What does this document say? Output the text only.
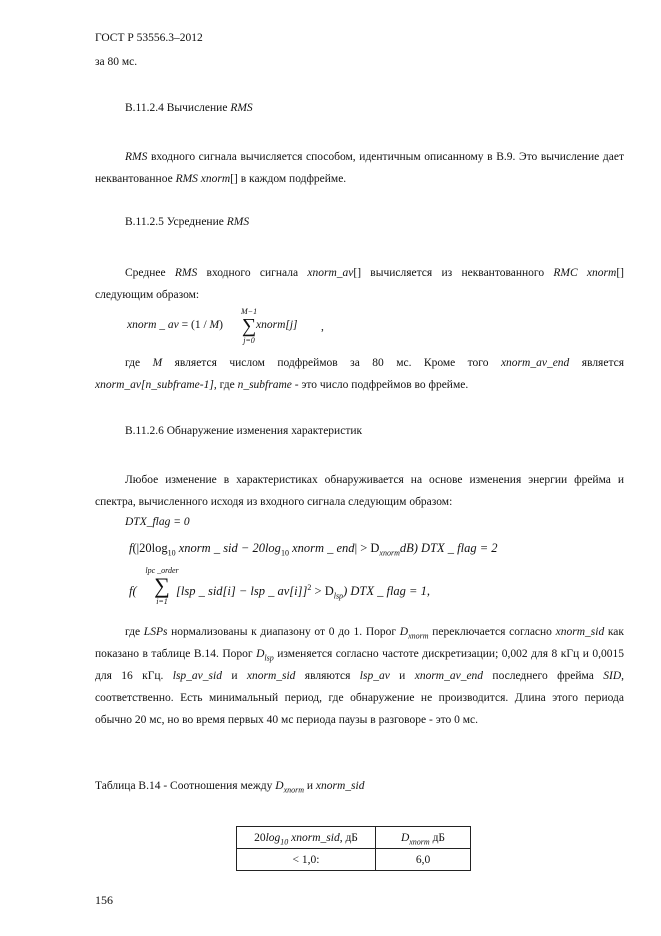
ГОСТ Р 53556.3–2012
за 80 мс.
В.11.2.4 Вычисление RMS
RMS входного сигнала вычисляется способом, идентичным описанному в В.9. Это вычисление дает неквантованное RMS xnorm[] в каждом подфрейме.
В.11.2.5 Усреднение RMS
Среднее RMS входного сигнала xnorm_av[] вычисляется из неквантованного RMC xnorm[] следующим образом:
xnorm _ av = (1 / M)
M−1
∑
j=0
xnorm[j] ,
где M является числом подфреймов за 80 мс. Кроме того xnorm_av_end является xnorm_av[n_subframe-1], где n_subframe - это число подфреймов во фрейме.
В.11.2.6 Обнаружение изменения характеристик
Любое изменение в характеристиках обнаруживается на основе изменения энергии фрейма и спектра, вычисленного исходя из входного сигнала следующим образом:
DTX_flag = 0
$f(|20\log_{10}$ xnorm _ sid − $20\log_{10}$ xnorm _ $end| > D_{xnorm}dB$) DTX _ flag = 2
f(
lpc _order
∑
i=1
[lsp _ sid[i] − lsp _ $av[i]]^2 > D_{lsp}$) DTX _ flag = 1,
где LSPs нормализованы к диапазону от 0 до 1. Порог $D_{xnorm}$ переключается согласно xnorm_sid как показано в таблице В.14. Порог $D_{lsp}$ изменяется согласно частоте дискретизации; 0,002 для 8 кГц и 0,0015 для 16 кГц. lsp_av_sid и xnorm_sid являются lsp_av и xnorm_av_end последнего фрейма SID, соответственно. Есть минимальный период, где обнаружение не производится. Длина этого периода обычно 20 мс, но во время первых 40 мс периода паузы в разговоре - это 0 мс.
Таблица В.14 - Соотношения между $D_{xnorm}$ и xnorm_sid
$20\log_{10}$ xnorm_sid, дБ	$D_{xnorm}$ дБ
< 1,0:	6,0
156
